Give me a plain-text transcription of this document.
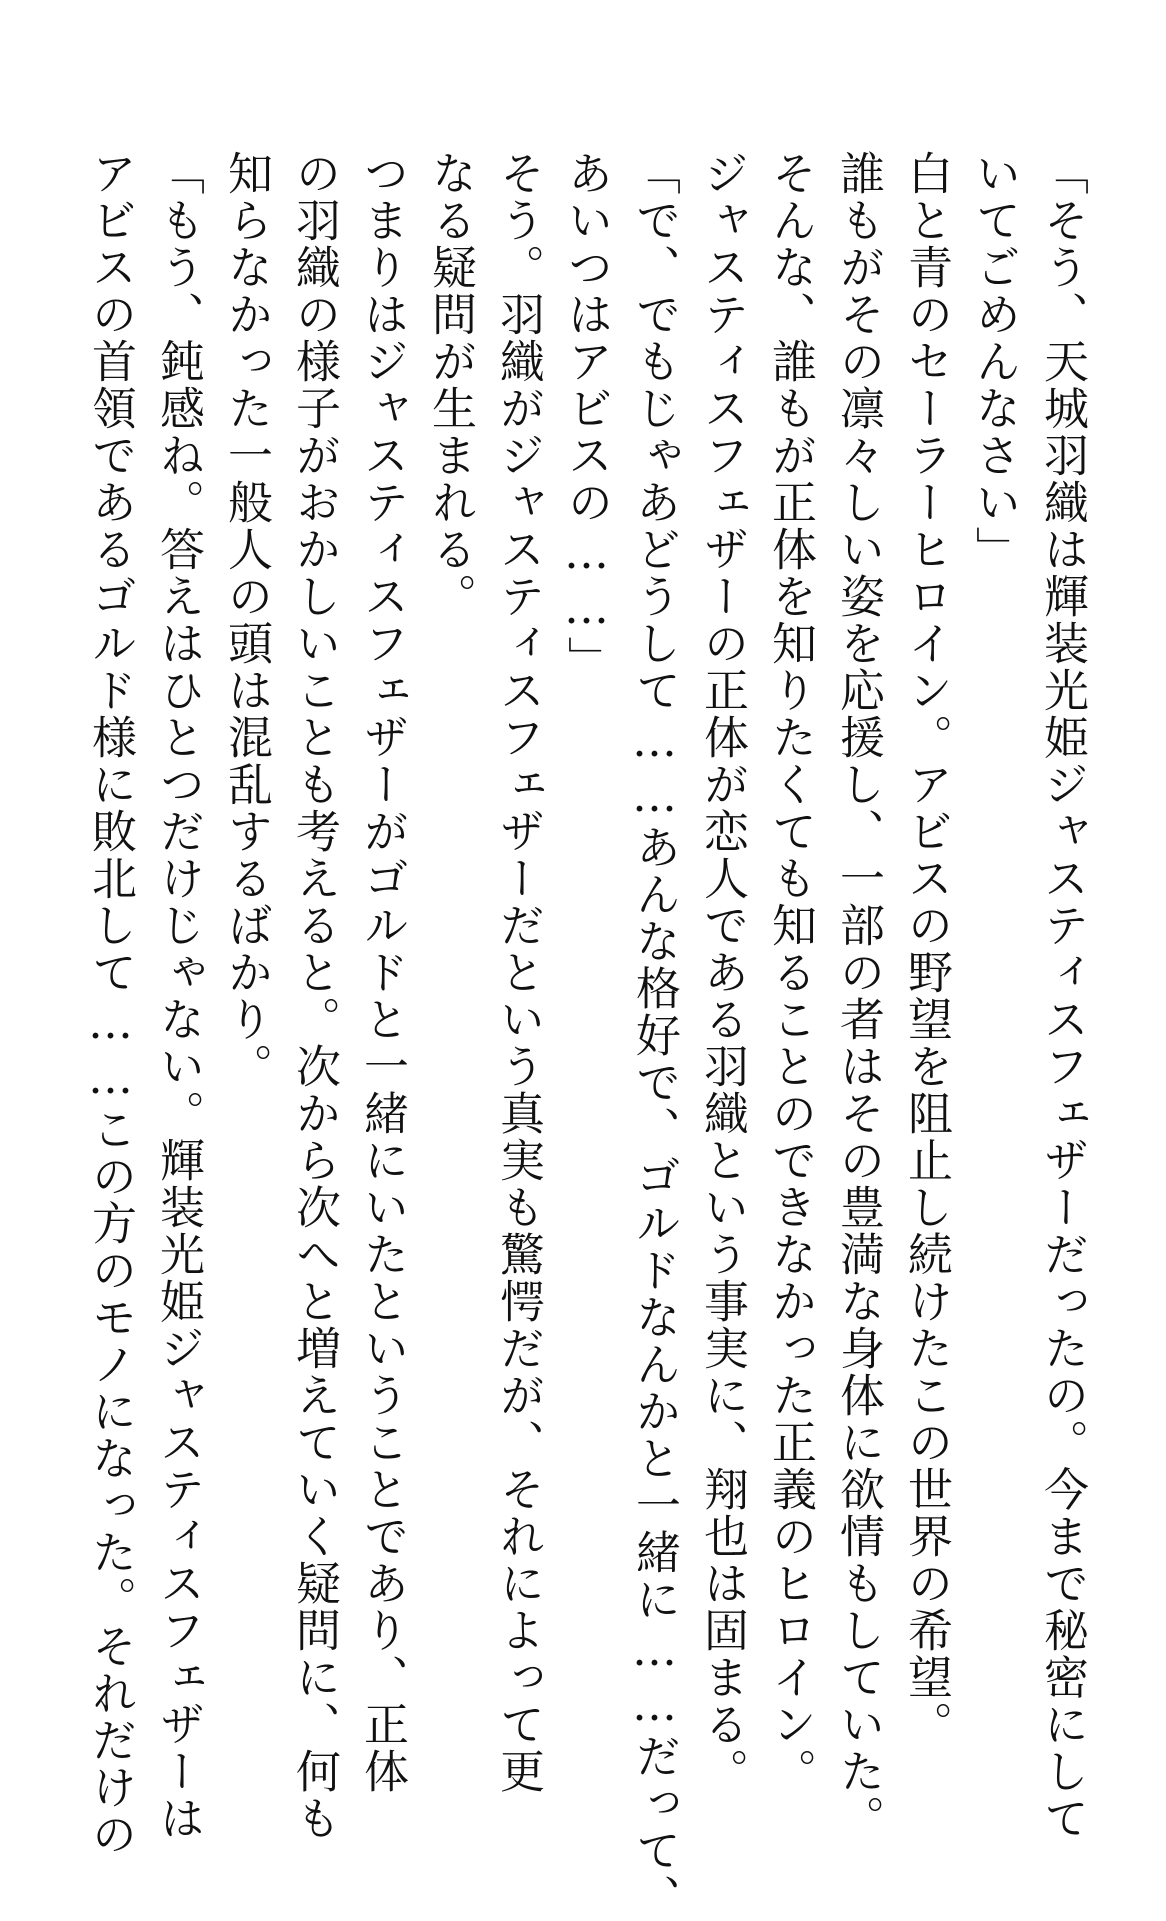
「そう、天城羽織は輝装光姫ジャスティスフェザーだったの。今まで秘密にして
いてごめんなさい」
白と青のセーラーヒロイン。アビスの野望を阻止し続けたこの世界の希望。
誰もがその凛々しい姿を応援し、一部の者はその豊満な身体に欲情もしていた。
そんな、誰もが正体を知りたくても知ることのできなかった正義のヒロイン。
ジャスティスフェザーの正体が恋人である羽織という事実に、翔也は固まる。
「で、でもじゃあどうして……あんな格好で、ゴルドなんかと一緒に……だって、
あいつはアビスの……」
そう。羽織がジャスティスフェザーだという真実も驚愕だが、それによって更
なる疑問が生まれる。
つまりはジャスティスフェザーがゴルドと一緒にいたということであり、正体
の羽織の様子がおかしいことも考えると。次から次へと増えていく疑問に、何も
知らなかった一般人の頭は混乱するばかり。
「もう、鈍感ね。答えはひとつだけじゃない。輝装光姫ジャスティスフェザーは
アビスの首領であるゴルド様に敗北して……この方のモノになった。それだけの
